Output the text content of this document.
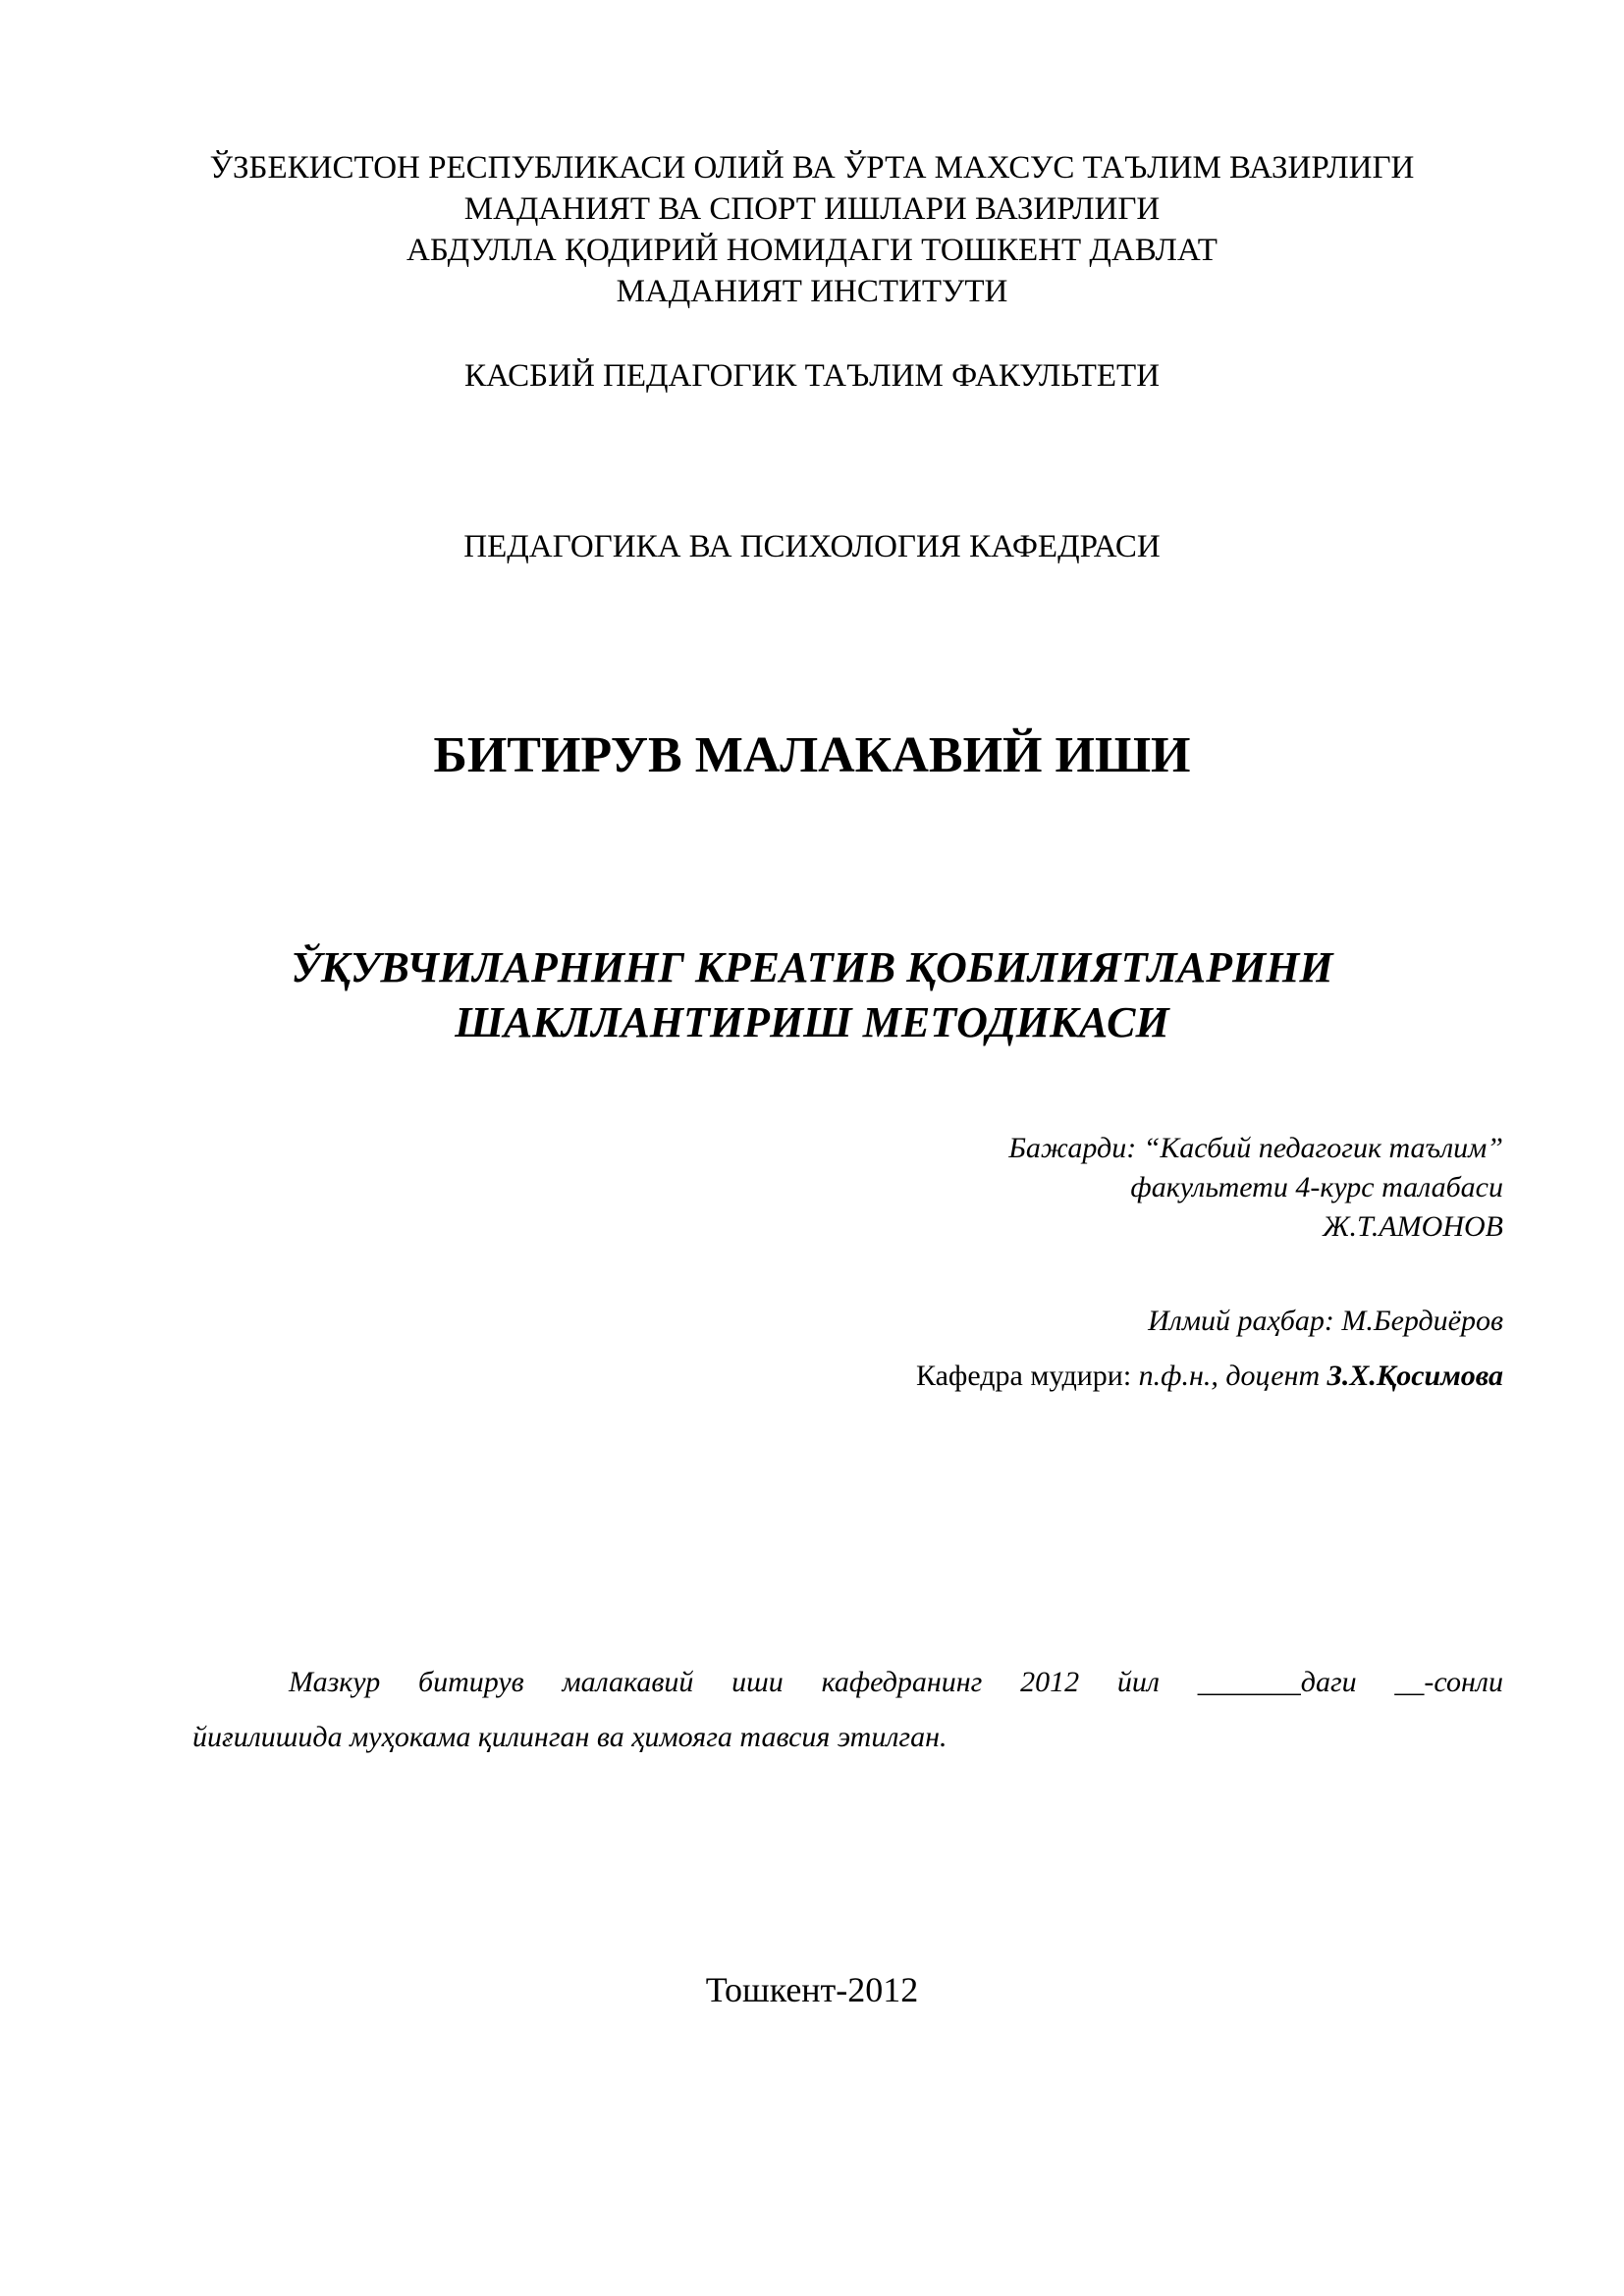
ЎЗБЕКИСТОН РЕСПУБЛИКАСИ ОЛИЙ ВА ЎРТА МАХСУС ТАЪЛИМ ВАЗИРЛИГИ
МАДАНИЯТ ВА СПОРТ ИШЛАРИ ВАЗИРЛИГИ
АБДУЛЛА ҚОДИРИЙ НОМИДАГИ ТОШКЕНТ ДАВЛАТ
МАДАНИЯТ ИНСТИТУТИ
КАСБИЙ ПЕДАГОГИК ТАЪЛИМ ФАКУЛЬТЕТИ
ПЕДАГОГИКА ВА ПСИХОЛОГИЯ КАФЕДРАСИ
БИТИРУВ МАЛАКАВИЙ ИШИ
ЎҚУВЧИЛАРНИНГ КРЕАТИВ ҚОБИЛИЯТЛАРИНИ
ШАКЛЛАНТИРИШ МЕТОДИКАСИ
Бажарди: “Касбий педагогик таълим”
факультети 4-курс талабаси
Ж.Т.АМОНОВ
Илмий раҳбар: М.Бердиёров
Кафедра мудири: п.ф.н., доцент З.Х.Қосимова
Мазкур битирув малакавий иши кафедранинг 2012 йил _______даги __-сонли
йиғилишида муҳокама қилинган ва ҳимояга тавсия этилган.
Тошкент-2012
